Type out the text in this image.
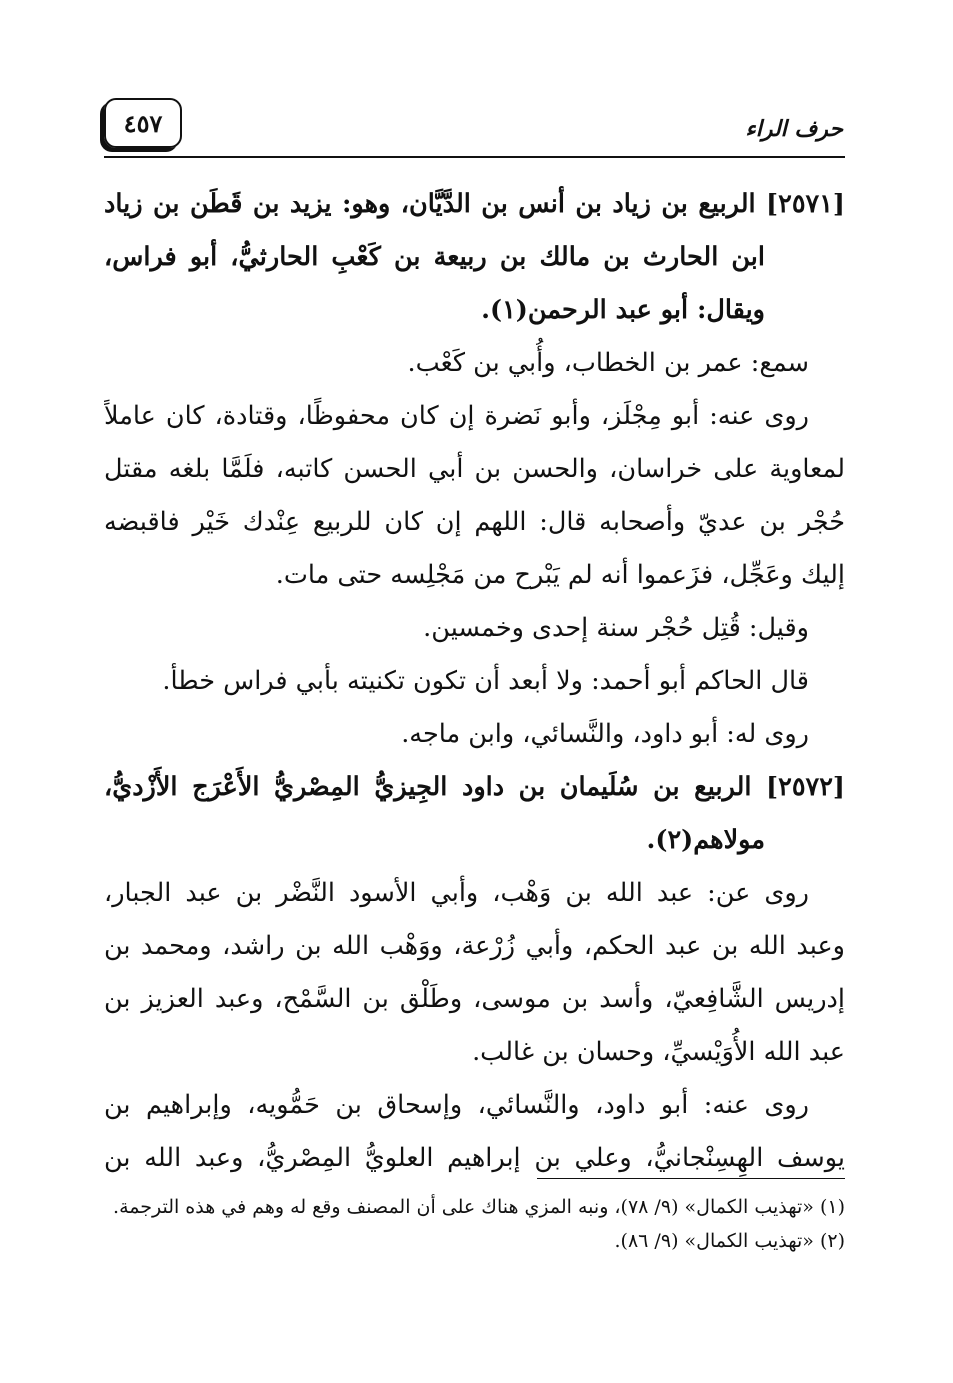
٤٥٧	حرف الراء
[٢٥٧١] الربيع بن زياد بن أنس بن الدَّيَّان، وهو: يزيد بن قَطَن بن زياد
ابن الحارث بن مالك بن ربيعة بن كَعْبِ الحارثيُّ، أبو فراس،
ويقال: أبو عبد الرحمن(١).
سمع: عمر بن الخطاب، وأُبي بن كَعْب.
روى عنه: أبو مِجْلَز، وأبو نَضرة إن كان محفوظًا، وقتادة، كان عاملاً
لمعاوية على خراسان، والحسن بن أبي الحسن كاتبه، فلَمَّا بلغه مقتل
حُجْر بن عديّ وأصحابه قال: اللهم إن كان للربيع عِنْدك خَيْر فاقبضه
إليك وعَجِّل، فزَعموا أنه لم يَبْرح من مَجْلِسه حتى مات.
وقيل: قُتِل حُجْر سنة إحدى وخمسين.
قال الحاكم أبو أحمد: ولا أبعد أن تكون تكنيته بأبي فراس خطأ.
روى له: أبو داود، والنَّسائي، وابن ماجه.
[٢٥٧٢] الربيع بن سُلَيمان بن داود الجِيزيُّ المِصْريُّ الأَعْرَج الأَزْديُّ،
مولاهم(٢).
روى عن: عبد الله بن وَهْب، وأبي الأسود النَّضْر بن عبد الجبار،
وعبد الله بن عبد الحكم، وأبي زُرْعة، ووَهْب الله بن راشد، ومحمد بن
إدريس الشَّافِعيّ، وأسد بن موسى، وطَلْق بن السَّمْح، وعبد العزيز بن
عبد الله الأُوَيْسيِّ، وحسان بن غالب.
روى عنه: أبو داود، والنَّسائي، وإسحاق بن حَمُّويه، وإبراهيم بن
يوسف الهِسِنْجانيُّ، وعلي بن إبراهيم العلويُّ المِصْريُّ، وعبد الله بن
(١) «تهذيب الكمال» (٩/ ٧٨)، ونبه المزي هناك على أن المصنف وقع له وهم في هذه الترجمة.
(٢) «تهذيب الكمال» (٩/ ٨٦).
